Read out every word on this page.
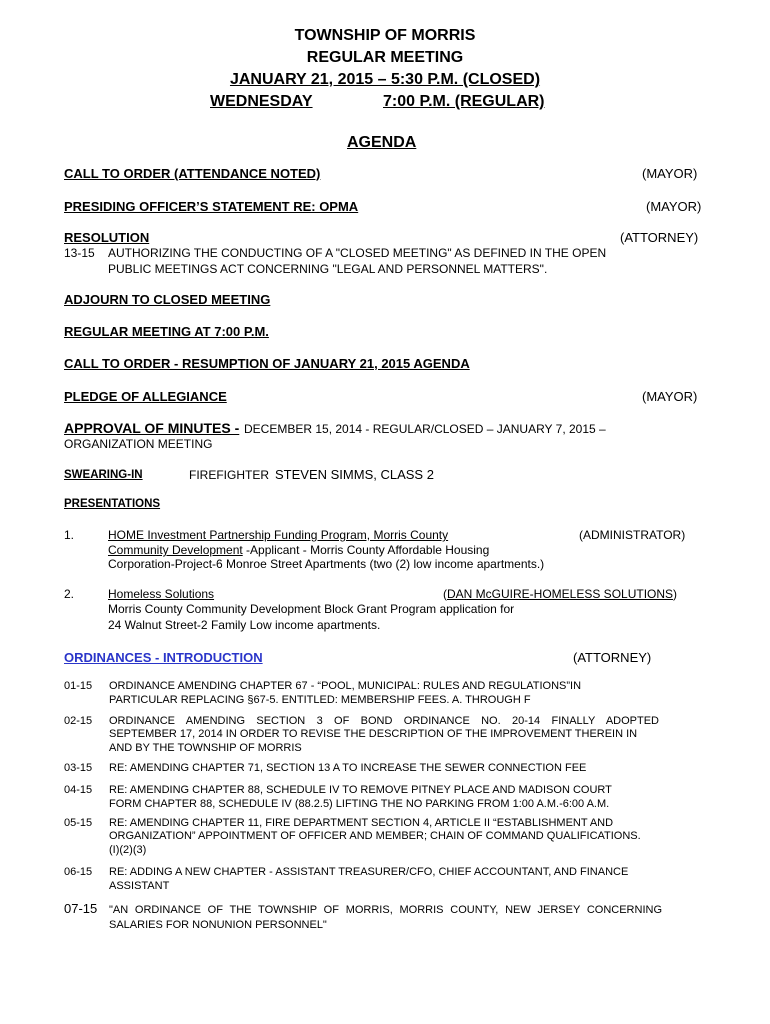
TOWNSHIP OF MORRIS
REGULAR MEETING
JANUARY 21, 2015 – 5:30 P.M. (CLOSED)
WEDNESDAY	7:00 P.M. (REGULAR)
AGENDA
CALL TO ORDER (ATTENDANCE NOTED)	(MAYOR)
PRESIDING OFFICER’S STATEMENT RE: OPMA	(MAYOR)
RESOLUTION	(ATTORNEY)
13-15 AUTHORIZING THE CONDUCTING OF A "CLOSED MEETING" AS DEFINED IN THE OPEN
PUBLIC MEETINGS ACT CONCERNING "LEGAL AND PERSONNEL MATTERS".
ADJOURN TO CLOSED MEETING
REGULAR MEETING AT 7:00 P.M.
CALL TO ORDER - RESUMPTION OF JANUARY 21, 2015 AGENDA
PLEDGE OF ALLEGIANCE	(MAYOR)
APPROVAL OF MINUTES - DECEMBER 15, 2014 - REGULAR/CLOSED – JANUARY 7, 2015 –
ORGANIZATION MEETING
SWEARING-IN	FIREFIGHTER STEVEN SIMMS, CLASS 2
PRESENTATIONS
1.	HOME Investment Partnership Funding Program, Morris County	(ADMINISTRATOR)
Community Development -Applicant - Morris County Affordable Housing
Corporation-Project-6 Monroe Street Apartments (two (2) low income apartments.)
2.	Homeless Solutions	(DAN McGUIRE-HOMELESS SOLUTIONS)
Morris County Community Development Block Grant Program application for
24 Walnut Street-2 Family Low income apartments.
ORDINANCES - INTRODUCTION	(ATTORNEY)
01-15 ORDINANCE AMENDING CHAPTER 67 - “POOL, MUNICIPAL: RULES AND REGULATIONS”IN
PARTICULAR REPLACING §67-5. ENTITLED: MEMBERSHIP FEES. A. THROUGH F
02-15 ORDINANCE AMENDING SECTION 3 OF BOND ORDINANCE NO. 20-14 FINALLY ADOPTED
SEPTEMBER 17, 2014 IN ORDER TO REVISE THE DESCRIPTION OF THE IMPROVEMENT THEREIN IN
AND BY THE TOWNSHIP OF MORRIS
03-15 RE: AMENDING CHAPTER 71, SECTION 13 A TO INCREASE THE SEWER CONNECTION FEE
04-15 RE: AMENDING CHAPTER 88, SCHEDULE IV TO REMOVE PITNEY PLACE AND MADISON COURT
FORM CHAPTER 88, SCHEDULE IV (88.2.5) LIFTING THE NO PARKING FROM 1:00 A.M.-6:00 A.M.
05-15 RE: AMENDING CHAPTER 11, FIRE DEPARTMENT SECTION 4, ARTICLE II “ESTABLISHMENT AND
ORGANIZATION” APPOINTMENT OF OFFICER AND MEMBER; CHAIN OF COMMAND QUALIFICATIONS.
(I)(2)(3)
06-15 RE: ADDING A NEW CHAPTER - ASSISTANT TREASURER/CFO, CHIEF ACCOUNTANT, AND FINANCE
ASSISTANT
07-15 "AN ORDINANCE OF THE TOWNSHIP OF MORRIS, MORRIS COUNTY, NEW JERSEY CONCERNING
SALARIES FOR NONUNION PERSONNEL"
